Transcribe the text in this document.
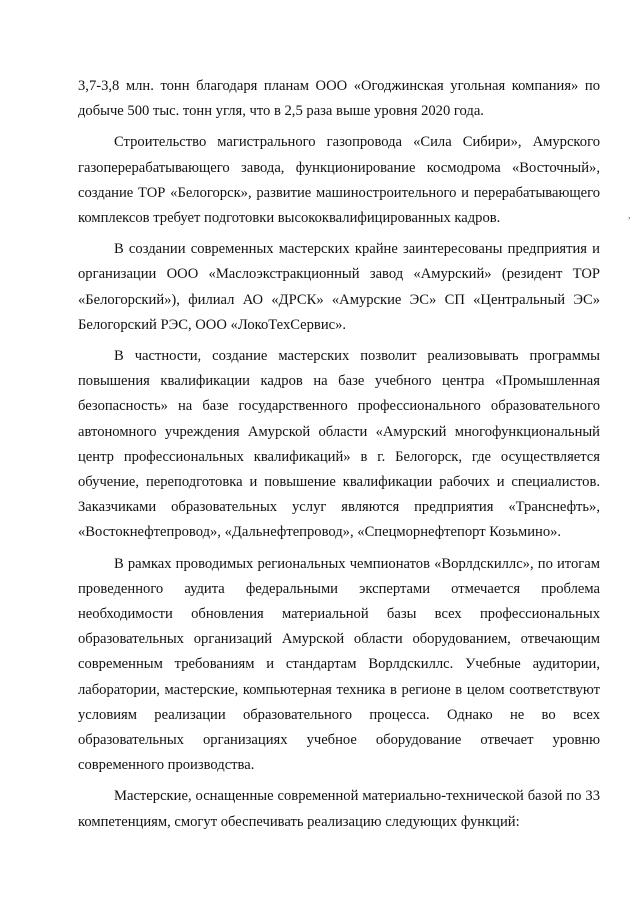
3,7-3,8 млн. тонн благодаря планам ООО «Огоджинская угольная компания» по добыче 500 тыс. тонн угля, что в 2,5 раза выше уровня 2020 года.

Строительство магистрального газопровода «Сила Сибири», Амурского газоперерабатывающего завода, функционирование космодрома «Восточный», создание ТОР «Белогорск», развитие машиностроительного и перерабатывающего комплексов требует подготовки высококвалифицированных кадров.

В создании современных мастерских крайне заинтересованы предприятия и организации ООО «Маслоэкстракционный завод «Амурский» (резидент ТОР «Белогорский»), филиал АО «ДРСК» «Амурские ЭС» СП «Центральный ЭС» Белогорский РЭС, ООО «ЛокоТехСервис».

В частности, создание мастерских позволит реализовывать программы повышения квалификации кадров на базе учебного центра «Промышленная безопасность» на базе государственного профессионального образовательного автономного учреждения Амурской области «Амурский многофункциональный центр профессиональных квалификаций» в г. Белогорск, где осуществляется обучение, переподготовка и повышение квалификации рабочих и специалистов. Заказчиками образовательных услуг являются предприятия «Транснефть», «Востокнефтепровод», «Дальнефтепровод», «Спецморнефтепорт Козьмино».

В рамках проводимых региональных чемпионатов «Ворлдскиллс», по итогам проведенного аудита федеральными экспертами отмечается проблема необходимости обновления материальной базы всех профессиональных образовательных организаций Амурской области оборудованием, отвечающим современным требованиям и стандартам Ворлдскиллс. Учебные аудитории, лаборатории, мастерские, компьютерная техника в регионе в целом соответствуют условиям реализации образовательного процесса. Однако не во всех образовательных организациях учебное оборудование отвечает уровню современного производства.

Мастерские, оснащенные современной материально-технической базой по 33 компетенциям, смогут обеспечивать реализацию следующих функций:

,
